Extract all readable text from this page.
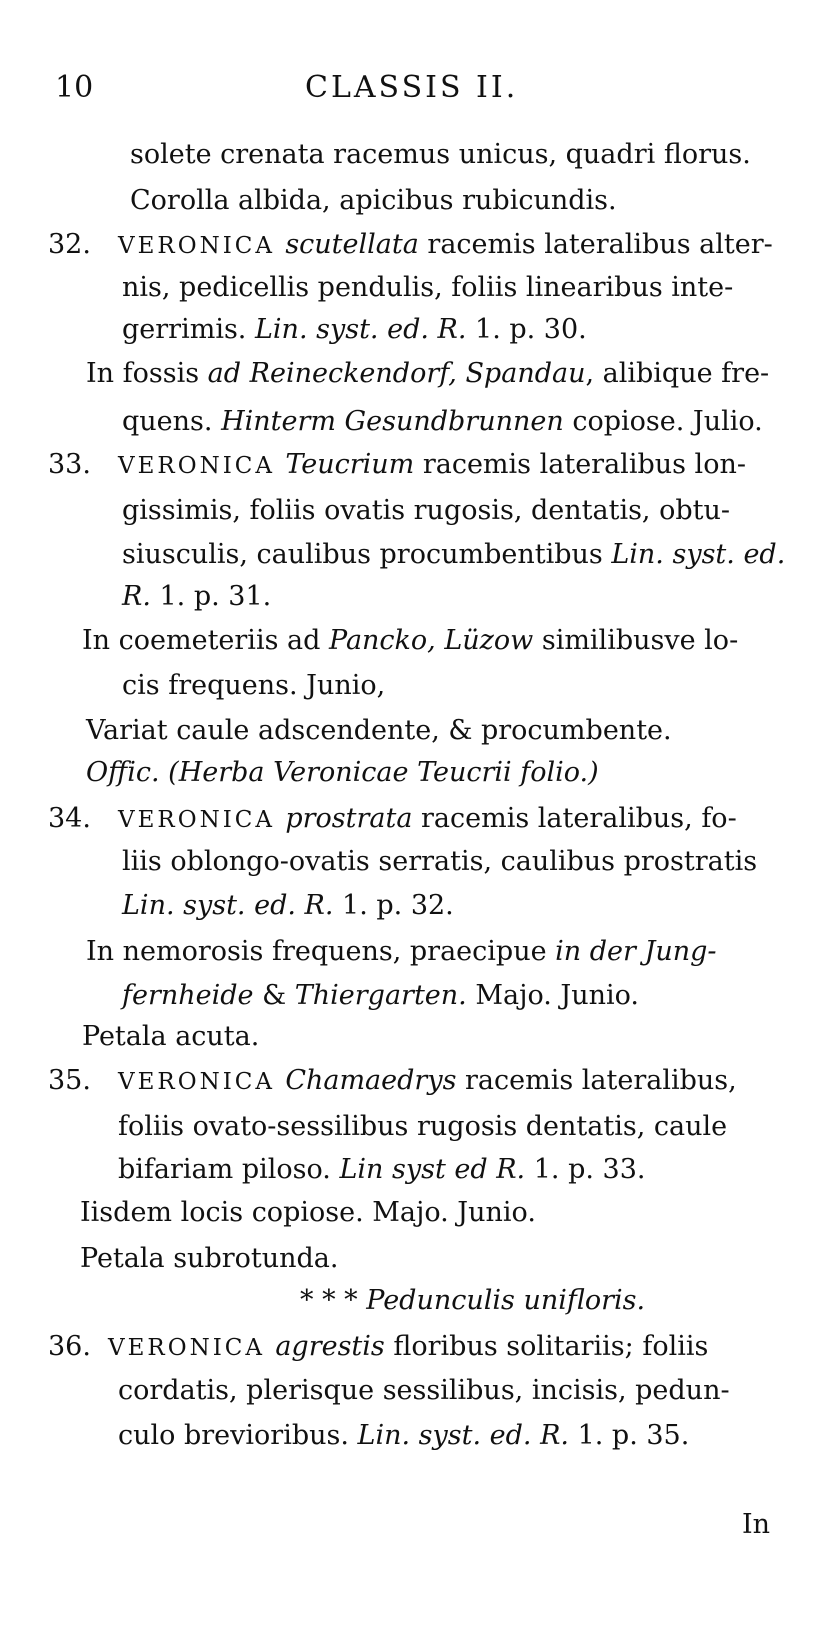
10	CLASSIS II.
solete crenata racemus unicus, quadri florus.
Corolla albida, apicibus rubicundis.
32. VERONICA scutellata racemis lateralibus alter-
nis, pedicellis pendulis, foliis linearibus inte-
gerrimis. Lin. syst. ed. R. 1. p. 30.
In fossis ad Reineckendorf, Spandau, alibique fre-
quens. Hinterm Gesundbrunnen copiose. Julio.
33. VERONICA Teucrium racemis lateralibus lon-
gissimis, foliis ovatis rugosis, dentatis, obtu-
siusculis, caulibus procumbentibus Lin. syst. ed.
R. 1. p. 31.
In coemeteriis ad Pancko, Lüzow similibusve lo-
cis frequens. Junio,
Variat caule adscendente, & procumbente.
Offic. (Herba Veronicae Teucrii folio.)
34. VERONICA prostrata racemis lateralibus, fo-
liis oblongo-ovatis serratis, caulibus prostratis
Lin. syst. ed. R. 1. p. 32.
In nemorosis frequens, praecipue in der Jung-
fernheide & Thiergarten. Majo. Junio.
Petala acuta.
35. VERONICA Chamaedrys racemis lateralibus,
foliis ovato-sessilibus rugosis dentatis, caule
bifariam piloso. Lin syst ed R. 1. p. 33.
Iisdem locis copiose. Majo. Junio.
Petala subrotunda.
* * * Pedunculis unifloris.
36. VERONICA agrestis floribus solitariis; foliis
cordatis, plerisque sessilibus, incisis, pedun-
culo brevioribus. Lin. syst. ed. R. 1. p. 35.
In
